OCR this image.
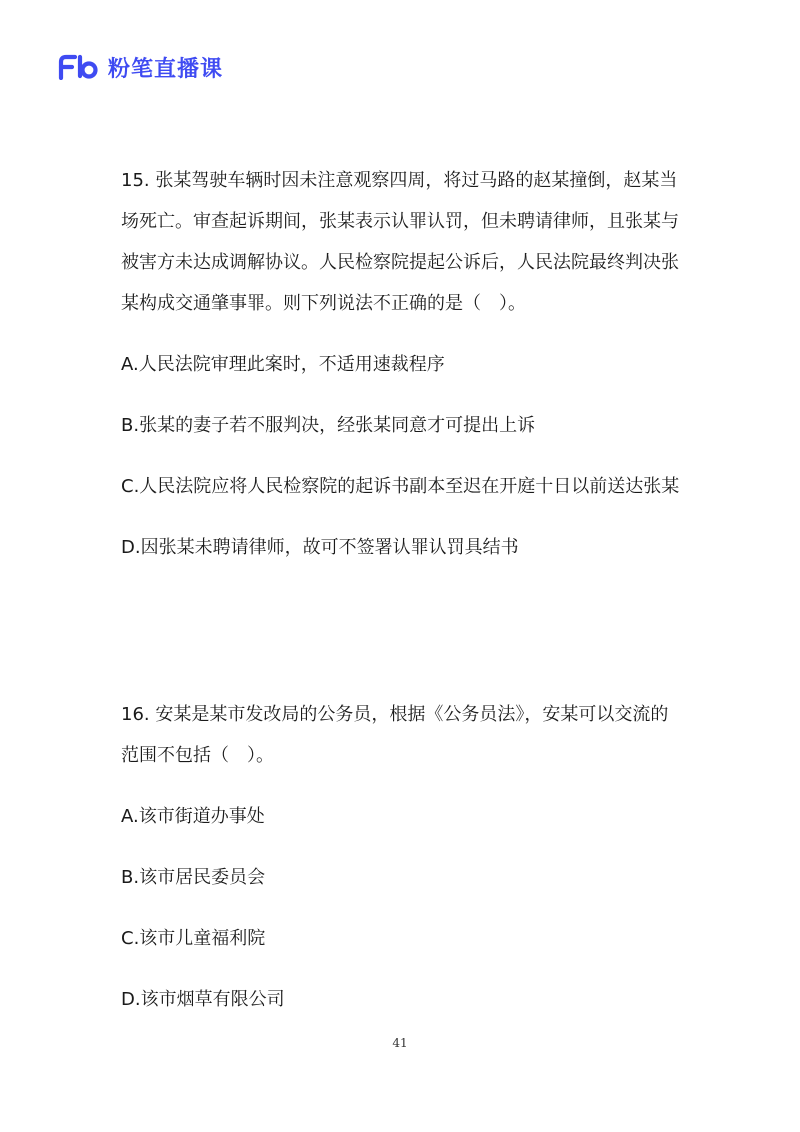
粉笔直播课

15. 张某驾驶车辆时因未注意观察四周，将过马路的赵某撞倒，赵某当场死亡。审查起诉期间，张某表示认罪认罚，但未聘请律师，且张某与被害方未达成调解协议。人民检察院提起公诉后，人民法院最终判决张某构成交通肇事罪。则下列说法不正确的是（　）。

A.人民法院审理此案时，不适用速裁程序

B.张某的妻子若不服判决，经张某同意才可提出上诉

C.人民法院应将人民检察院的起诉书副本至迟在开庭十日以前送达张某

D.因张某未聘请律师，故可不签署认罪认罚具结书

16. 安某是某市发改局的公务员，根据《公务员法》，安某可以交流的范围不包括（　）。

A.该市街道办事处

B.该市居民委员会

C.该市儿童福利院

D.该市烟草有限公司

41
